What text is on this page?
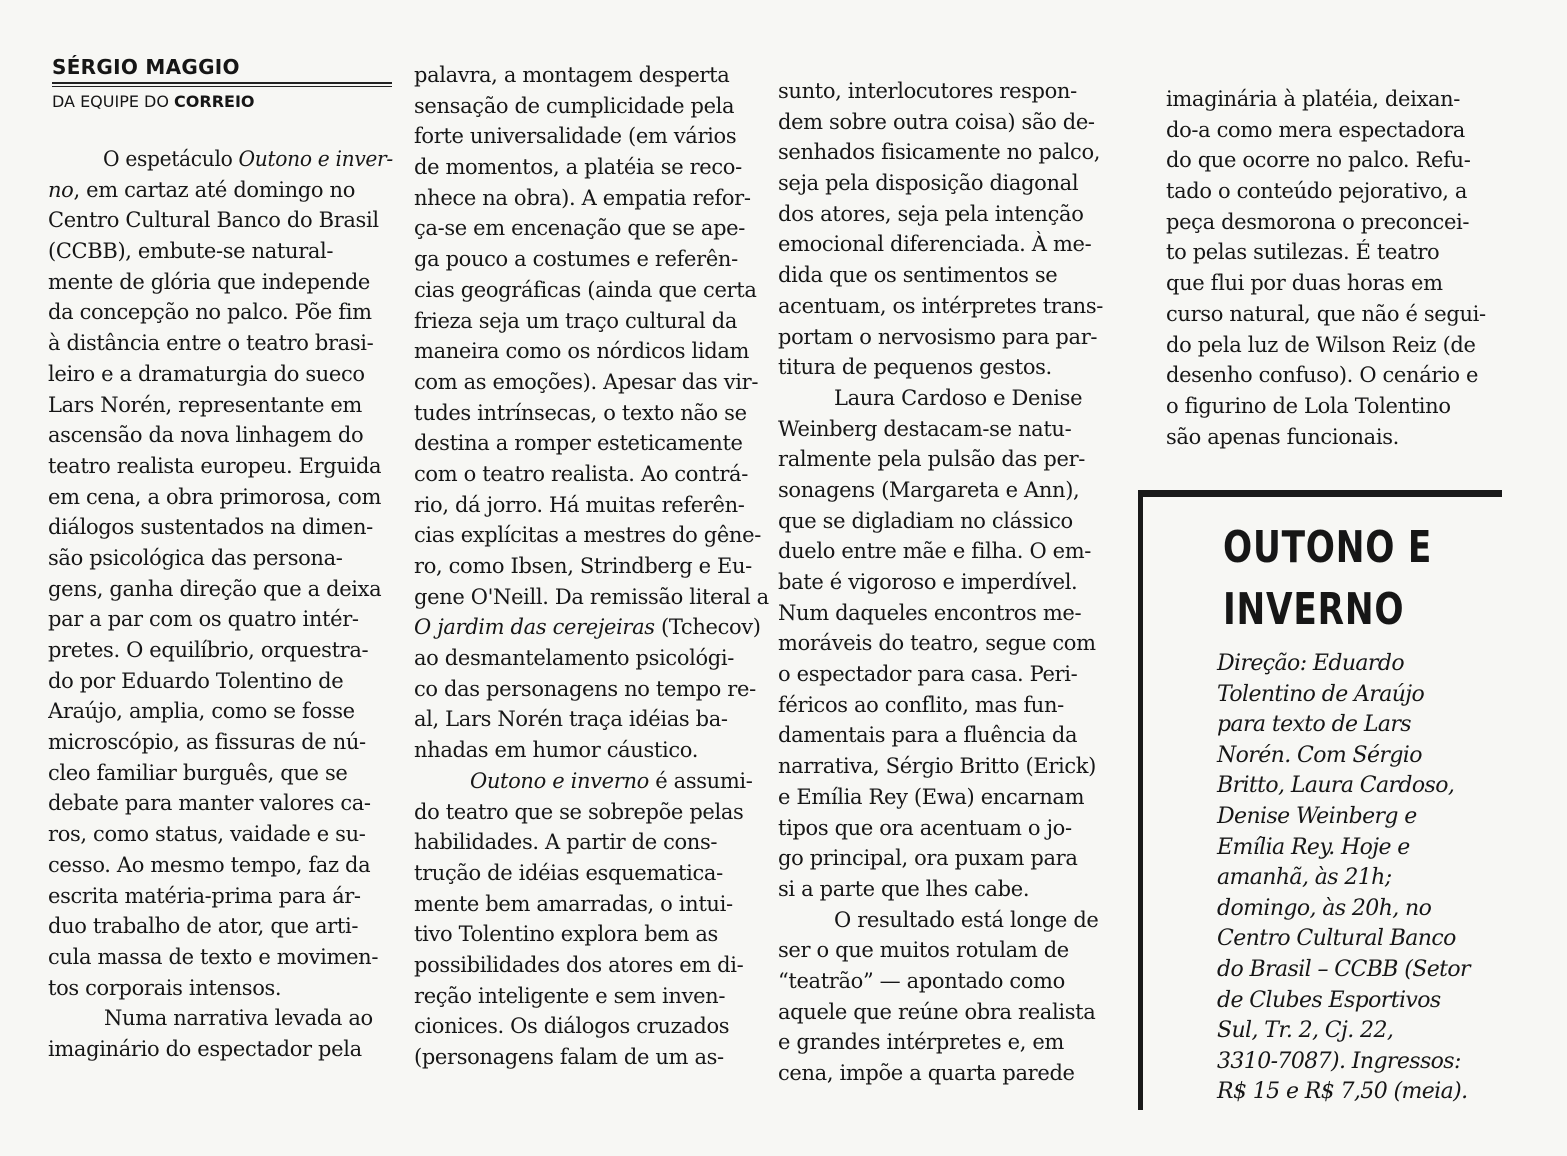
SÉRGIO MAGGIO
DA EQUIPE DO CORREIO
O espetáculo Outono e inver-
no, em cartaz até domingo no
Centro Cultural Banco do Brasil
(CCBB), embute-se natural-
mente de glória que independe
da concepção no palco. Põe fim
à distância entre o teatro brasi-
leiro e a dramaturgia do sueco
Lars Norén, representante em
ascensão da nova linhagem do
teatro realista europeu. Erguida
em cena, a obra primorosa, com
diálogos sustentados na dimen-
são psicológica das persona-
gens, ganha direção que a deixa
par a par com os quatro intér-
pretes. O equilíbrio, orquestra-
do por Eduardo Tolentino de
Araújo, amplia, como se fosse
microscópio, as fissuras de nú-
cleo familiar burguês, que se
debate para manter valores ca-
ros, como status, vaidade e su-
cesso. Ao mesmo tempo, faz da
escrita matéria-prima para ár-
duo trabalho de ator, que arti-
cula massa de texto e movimen-
tos corporais intensos.
Numa narrativa levada ao
imaginário do espectador pela
palavra, a montagem desperta
sensação de cumplicidade pela
forte universalidade (em vários
de momentos, a platéia se reco-
nhece na obra). A empatia refor-
ça-se em encenação que se ape-
ga pouco a costumes e referên-
cias geográficas (ainda que certa
frieza seja um traço cultural da
maneira como os nórdicos lidam
com as emoções). Apesar das vir-
tudes intrínsecas, o texto não se
destina a romper esteticamente
com o teatro realista. Ao contrá-
rio, dá jorro. Há muitas referên-
cias explícitas a mestres do gêne-
ro, como Ibsen, Strindberg e Eu-
gene O'Neill. Da remissão literal a
O jardim das cerejeiras (Tchecov)
ao desmantelamento psicológi-
co das personagens no tempo re-
al, Lars Norén traça idéias ba-
nhadas em humor cáustico.
Outono e inverno é assumi-
do teatro que se sobrepõe pelas
habilidades. A partir de cons-
trução de idéias esquematica-
mente bem amarradas, o intui-
tivo Tolentino explora bem as
possibilidades dos atores em di-
reção inteligente e sem inven-
cionices. Os diálogos cruzados
(personagens falam de um as-
sunto, interlocutores respon-
dem sobre outra coisa) são de-
senhados fisicamente no palco,
seja pela disposição diagonal
dos atores, seja pela intenção
emocional diferenciada. À me-
dida que os sentimentos se
acentuam, os intérpretes trans-
portam o nervosismo para par-
titura de pequenos gestos.
Laura Cardoso e Denise
Weinberg destacam-se natu-
ralmente pela pulsão das per-
sonagens (Margareta e Ann),
que se digladiam no clássico
duelo entre mãe e filha. O em-
bate é vigoroso e imperdível.
Num daqueles encontros me-
moráveis do teatro, segue com
o espectador para casa. Peri-
féricos ao conflito, mas fun-
damentais para a fluência da
narrativa, Sérgio Britto (Erick)
e Emília Rey (Ewa) encarnam
tipos que ora acentuam o jo-
go principal, ora puxam para
si a parte que lhes cabe.
O resultado está longe de
ser o que muitos rotulam de
“teatrão” — apontado como
aquele que reúne obra realista
e grandes intérpretes e, em
cena, impõe a quarta parede
imaginária à platéia, deixan-
do-a como mera espectadora
do que ocorre no palco. Refu-
tado o conteúdo pejorativo, a
peça desmorona o preconcei-
to pelas sutilezas. É teatro
que flui por duas horas em
curso natural, que não é segui-
do pela luz de Wilson Reiz (de
desenho confuso). O cenário e
o figurino de Lola Tolentino
são apenas funcionais.
OUTONO E
INVERNO
Direção: Eduardo
Tolentino de Araújo
para texto de Lars
Norén. Com Sérgio
Britto, Laura Cardoso,
Denise Weinberg e
Emília Rey. Hoje e
amanhã, às 21h;
domingo, às 20h, no
Centro Cultural Banco
do Brasil – CCBB (Setor
de Clubes Esportivos
Sul, Tr. 2, Cj. 22,
3310-7087). Ingressos:
R$ 15 e R$ 7,50 (meia).
